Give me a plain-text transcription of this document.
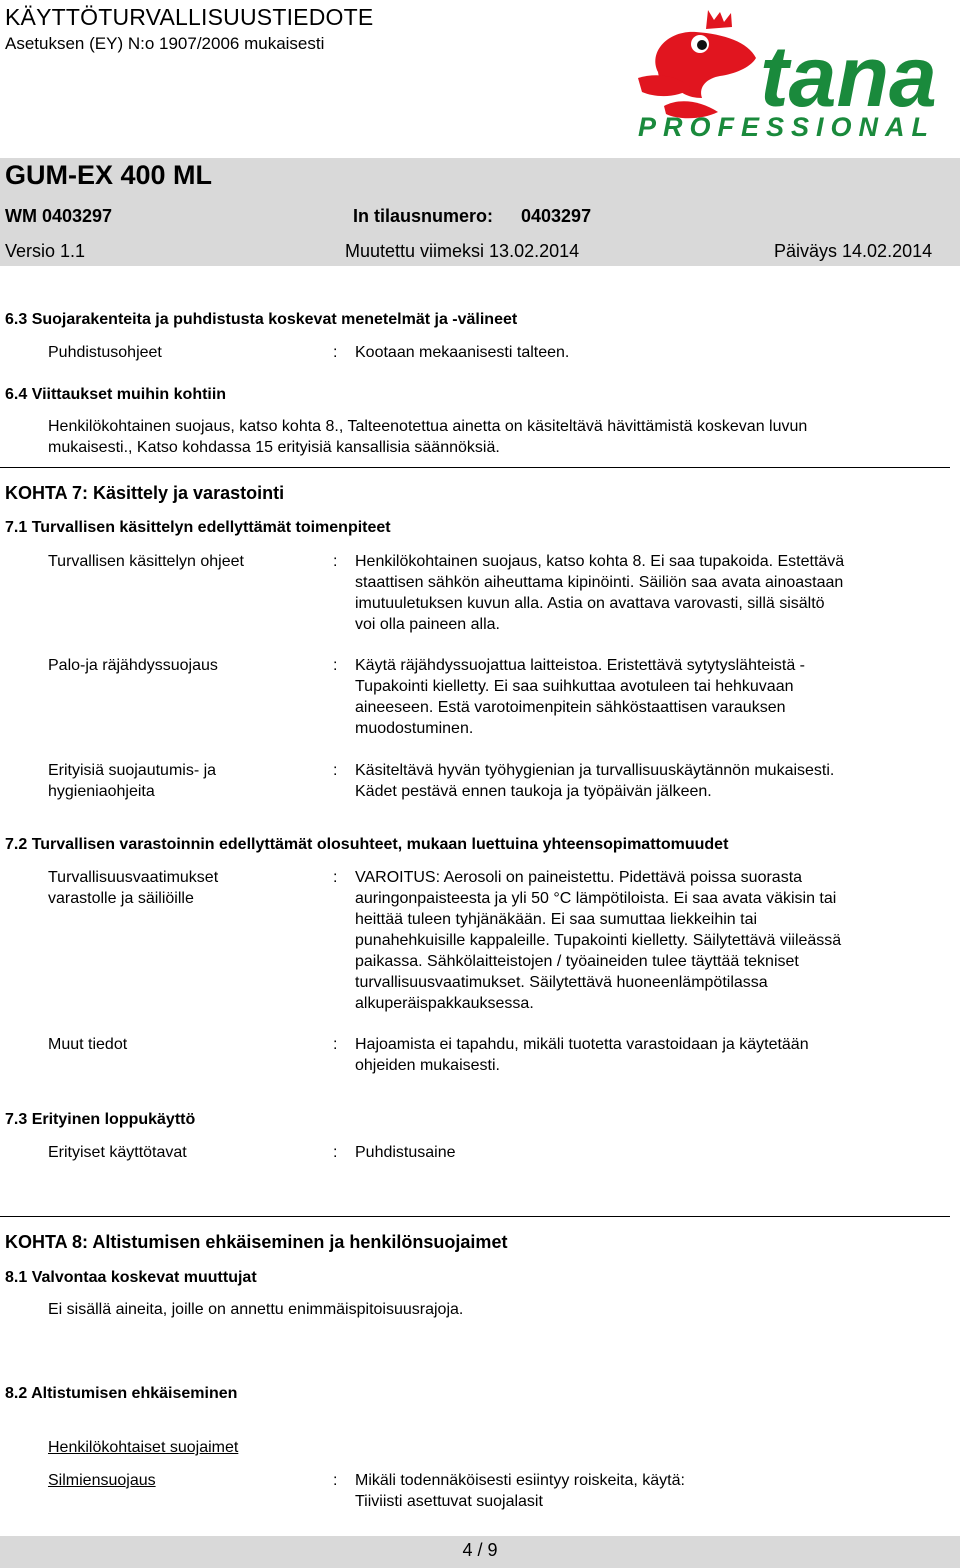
KÄYTTÖTURVALLISUUSTIEDOTE
Asetuksen (EY) N:o 1907/2006 mukaisesti	tana
PROFESSIONAL
GUM-EX 400 ML
WM 0403297	In tilausnumero: 0403297
Versio 1.1	Muutettu viimeksi 13.02.2014	Päiväys 14.02.2014
6.3 Suojarakenteita ja puhdistusta koskevat menetelmät ja -välineet
Puhdistusohjeet	: Kootaan mekaanisesti talteen.
6.4 Viittaukset muihin kohtiin
Henkilökohtainen suojaus, katso kohta 8., Talteenotettua ainetta on käsiteltävä hävittämistä koskevan luvun
mukaisesti., Katso kohdassa 15 erityisiä kansallisia säännöksiä.
KOHTA 7: Käsittely ja varastointi
7.1 Turvallisen käsittelyn edellyttämät toimenpiteet
Turvallisen käsittelyn ohjeet	: Henkilökohtainen suojaus, katso kohta 8. Ei saa tupakoida. Estettävä
staattisen sähkön aiheuttama kipinöinti. Säiliön saa avata ainoastaan
imutuuletuksen kuvun alla. Astia on avattava varovasti, sillä sisältö
voi olla paineen alla.
Palo-ja räjähdyssuojaus	: Käytä räjähdyssuojattua laitteistoa. Eristettävä sytytyslähteistä -
Tupakointi kielletty. Ei saa suihkuttaa avotuleen tai hehkuvaan
aineeseen. Estä varotoimenpitein sähköstaattisen varauksen
muodostuminen.
Erityisiä suojautumis- ja
hygieniaohjeita
: Käsiteltävä hyvän työhygienian ja turvallisuuskäytännön mukaisesti.
Kädet pestävä ennen taukoja ja työpäivän jälkeen.
7.2 Turvallisen varastoinnin edellyttämät olosuhteet, mukaan luettuina yhteensopimattomuudet
Turvallisuusvaatimukset
varastolle ja säiliöille
: VAROITUS: Aerosoli on paineistettu. Pidettävä poissa suorasta
auringonpaisteesta ja yli 50 °C lämpötiloista. Ei saa avata väkisin tai
heittää tuleen tyhjänäkään. Ei saa sumuttaa liekkeihin tai
punahehkuisille kappaleille. Tupakointi kielletty. Säilytettävä viileässä
paikassa. Sähkölaitteistojen / työaineiden tulee täyttää tekniset
turvallisuusvaatimukset. Säilytettävä huoneenlämpötilassa
alkuperäispakkauksessa.
Muut tiedot	: Hajoamista ei tapahdu, mikäli tuotetta varastoidaan ja käytetään
ohjeiden mukaisesti.
7.3 Erityinen loppukäyttö
Erityiset käyttötavat	: Puhdistusaine
KOHTA 8: Altistumisen ehkäiseminen ja henkilönsuojaimet
8.1 Valvontaa koskevat muuttujat
Ei sisällä aineita, joille on annettu enimmäispitoisuusrajoja.
8.2 Altistumisen ehkäiseminen
Henkilökohtaiset suojaimet
Silmiensuojaus	: Mikäli todennäköisesti esiintyy roiskeita, käytä:
Tiiviisti asettuvat suojalasit
4 / 9
